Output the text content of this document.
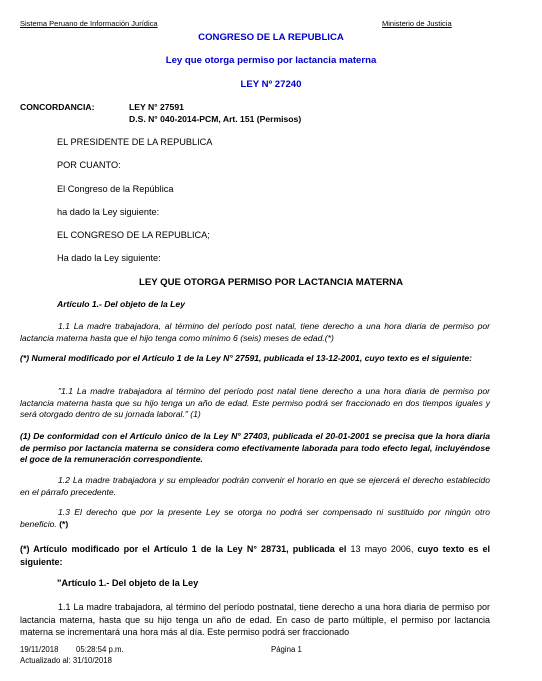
Sistema Peruano de Información Jurídica	Ministerio de Justicia
CONGRESO DE LA REPUBLICA
Ley que otorga permiso por lactancia materna
LEY Nº 27240
CONCORDANCIA:	LEY N° 27591
D.S. N° 040-2014-PCM, Art. 151 (Permisos)
EL PRESIDENTE DE LA REPUBLICA
POR CUANTO:
El Congreso de la República
ha dado la Ley siguiente:
EL CONGRESO DE LA REPUBLICA;
Ha dado la Ley siguiente:
LEY QUE OTORGA PERMISO POR LACTANCIA MATERNA
Artículo 1.- Del objeto de la Ley
1.1 La madre trabajadora, al término del período post natal, tiene derecho a una hora diaria de permiso por lactancia materna hasta que el hijo tenga como mínimo 6 (seis) meses de edad.(*)
(*) Numeral modificado por el Artículo 1 de la Ley N° 27591, publicada el 13-12-2001, cuyo texto es el siguiente:
"1.1 La madre trabajadora al término del período post natal tiene derecho a una hora diaria de permiso por lactancia materna hasta que su hijo tenga un año de edad. Este permiso podrá ser fraccionado en dos tiempos iguales y será otorgado dentro de su jornada laboral." (1)
(1) De conformidad con el Artículo único de la Ley N° 27403, publicada el 20-01-2001 se precisa que la hora diaria de permiso por lactancia materna se considera como efectivamente laborada para todo efecto legal, incluyéndose el goce de la remuneración correspondiente.
1.2 La madre trabajadora y su empleador podrán convenir el horario en que se ejercerá el derecho establecido en el párrafo precedente.
1.3 El derecho que por la presente Ley se otorga no podrá ser compensado ni sustituido por ningún otro beneficio. (*)
(*) Artículo modificado por el Artículo 1 de la Ley N° 28731, publicada el 13 mayo 2006, cuyo texto es el siguiente:
"Artículo 1.- Del objeto de la Ley
1.1 La madre trabajadora, al término del período postnatal, tiene derecho a una hora diaria de permiso por lactancia materna, hasta que su hijo tenga un año de edad. En caso de parto múltiple, el permiso por lactancia materna se incrementará una hora más al día. Este permiso podrá ser fraccionado
19/11/2018 05:28:54 p.m.	Página 1
Actualizado al: 31/10/2018
